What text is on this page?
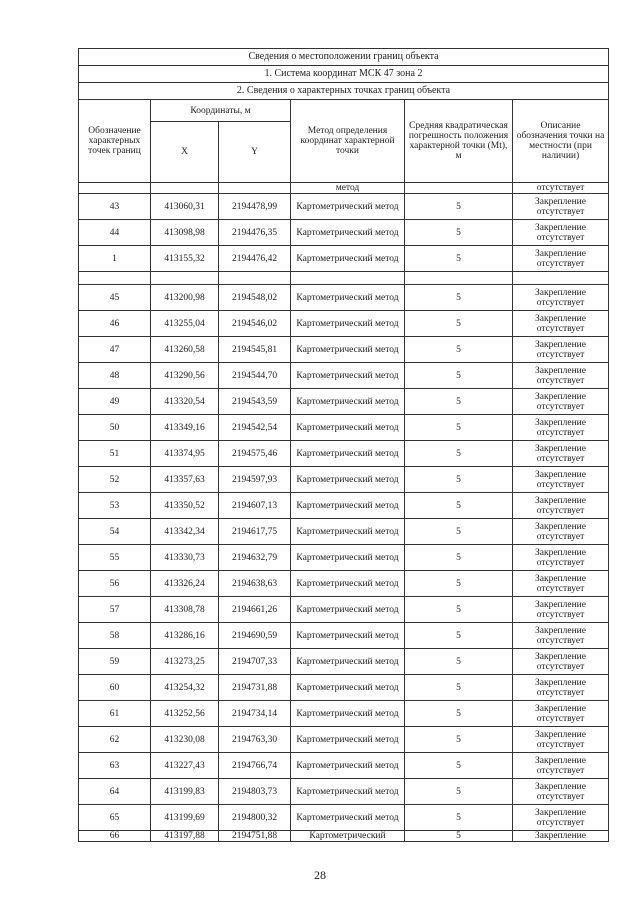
Сведения о местоположении границ объекта					
1. Система координат МСК 47 зона 2					
2. Сведения о характерных точках границ объекта					
Обозначение характерных точек границ	Координаты, м		Метод определения координат характерной точки	Средняя квадратическая погрешность положения характерной точки (Mt), м	Описание обозначения точки на местности (при наличии)
	X	Y			
			метод		отсутствует
43	413060,31	2194478,99	Картометрический метод	5	Закрепление отсутствует
44	413098,98	2194476,35	Картометрический метод	5	Закрепление отсутствует
1	413155,32	2194476,42	Картометрический метод	5	Закрепление отсутствует

45	413200,98	2194548,02	Картометрический метод	5	Закрепление отсутствует
46	413255,04	2194546,02	Картометрический метод	5	Закрепление отсутствует
47	413260,58	2194545,81	Картометрический метод	5	Закрепление отсутствует
48	413290,56	2194544,70	Картометрический метод	5	Закрепление отсутствует
49	413320,54	2194543,59	Картометрический метод	5	Закрепление отсутствует
50	413349,16	2194542,54	Картометрический метод	5	Закрепление отсутствует
51	413374,95	2194575,46	Картометрический метод	5	Закрепление отсутствует
52	413357,63	2194597,93	Картометрический метод	5	Закрепление отсутствует
53	413350,52	2194607,13	Картометрический метод	5	Закрепление отсутствует
54	413342,34	2194617,75	Картометрический метод	5	Закрепление отсутствует
55	413330,73	2194632,79	Картометрический метод	5	Закрепление отсутствует
56	413326,24	2194638,63	Картометрический метод	5	Закрепление отсутствует
57	413308,78	2194661,26	Картометрический метод	5	Закрепление отсутствует
58	413286,16	2194690,59	Картометрический метод	5	Закрепление отсутствует
59	413273,25	2194707,33	Картометрический метод	5	Закрепление отсутствует
60	413254,32	2194731,88	Картометрический метод	5	Закрепление отсутствует
61	413252,56	2194734,14	Картометрический метод	5	Закрепление отсутствует
62	413230,08	2194763,30	Картометрический метод	5	Закрепление отсутствует
63	413227,43	2194766,74	Картометрический метод	5	Закрепление отсутствует
64	413199,83	2194803,73	Картометрический метод	5	Закрепление отсутствует
65	413199,69	2194800,32	Картометрический метод	5	Закрепление отсутствует
66	413197,88	2194751,88	Картометрический	5	Закрепление
28
